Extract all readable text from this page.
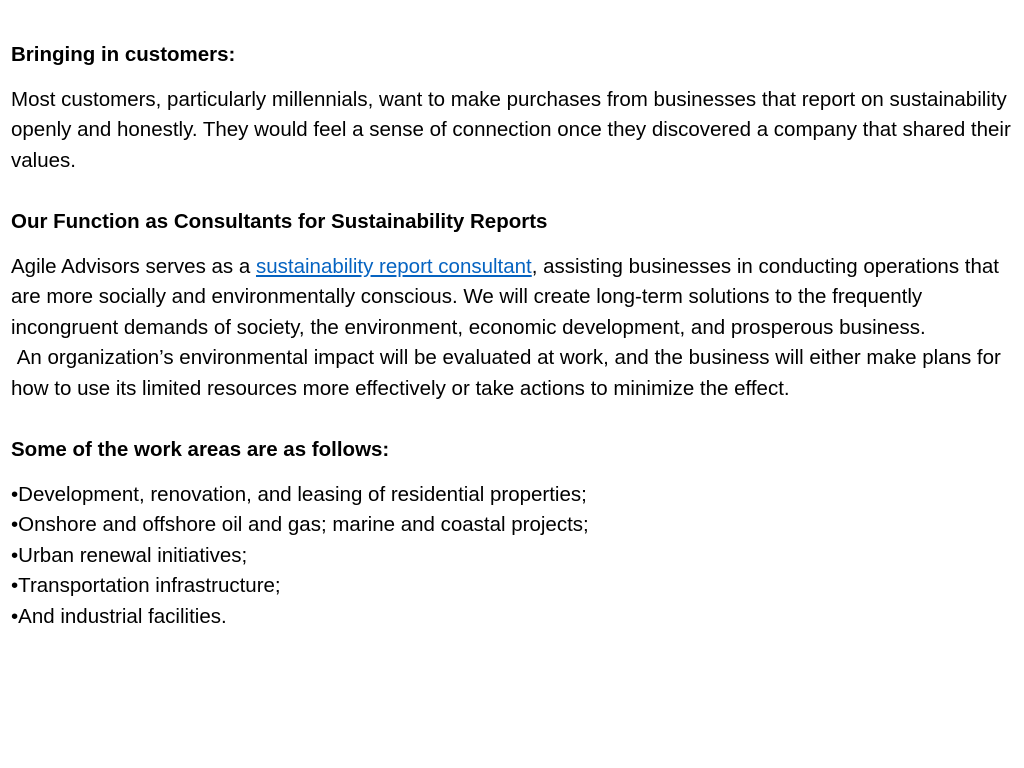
Bringing in customers:

Most customers, particularly millennials, want to make purchases from businesses that report on sustainability openly and honestly. They would feel a sense of connection once they discovered a company that shared their values.

Our Function as Consultants for Sustainability Reports

Agile Advisors serves as a sustainability report consultant, assisting businesses in conducting operations that are more socially and environmentally conscious. We will create long-term solutions to the frequently incongruent demands of society, the environment, economic development, and prosperous business.

An organization’s environmental impact will be evaluated at work, and the business will either make plans for how to use its limited resources more effectively or take actions to minimize the effect.

Some of the work areas are as follows:

•Development, renovation, and leasing of residential properties;
•Onshore and offshore oil and gas; marine and coastal projects;
•Urban renewal initiatives;
•Transportation infrastructure;
•And industrial facilities.
